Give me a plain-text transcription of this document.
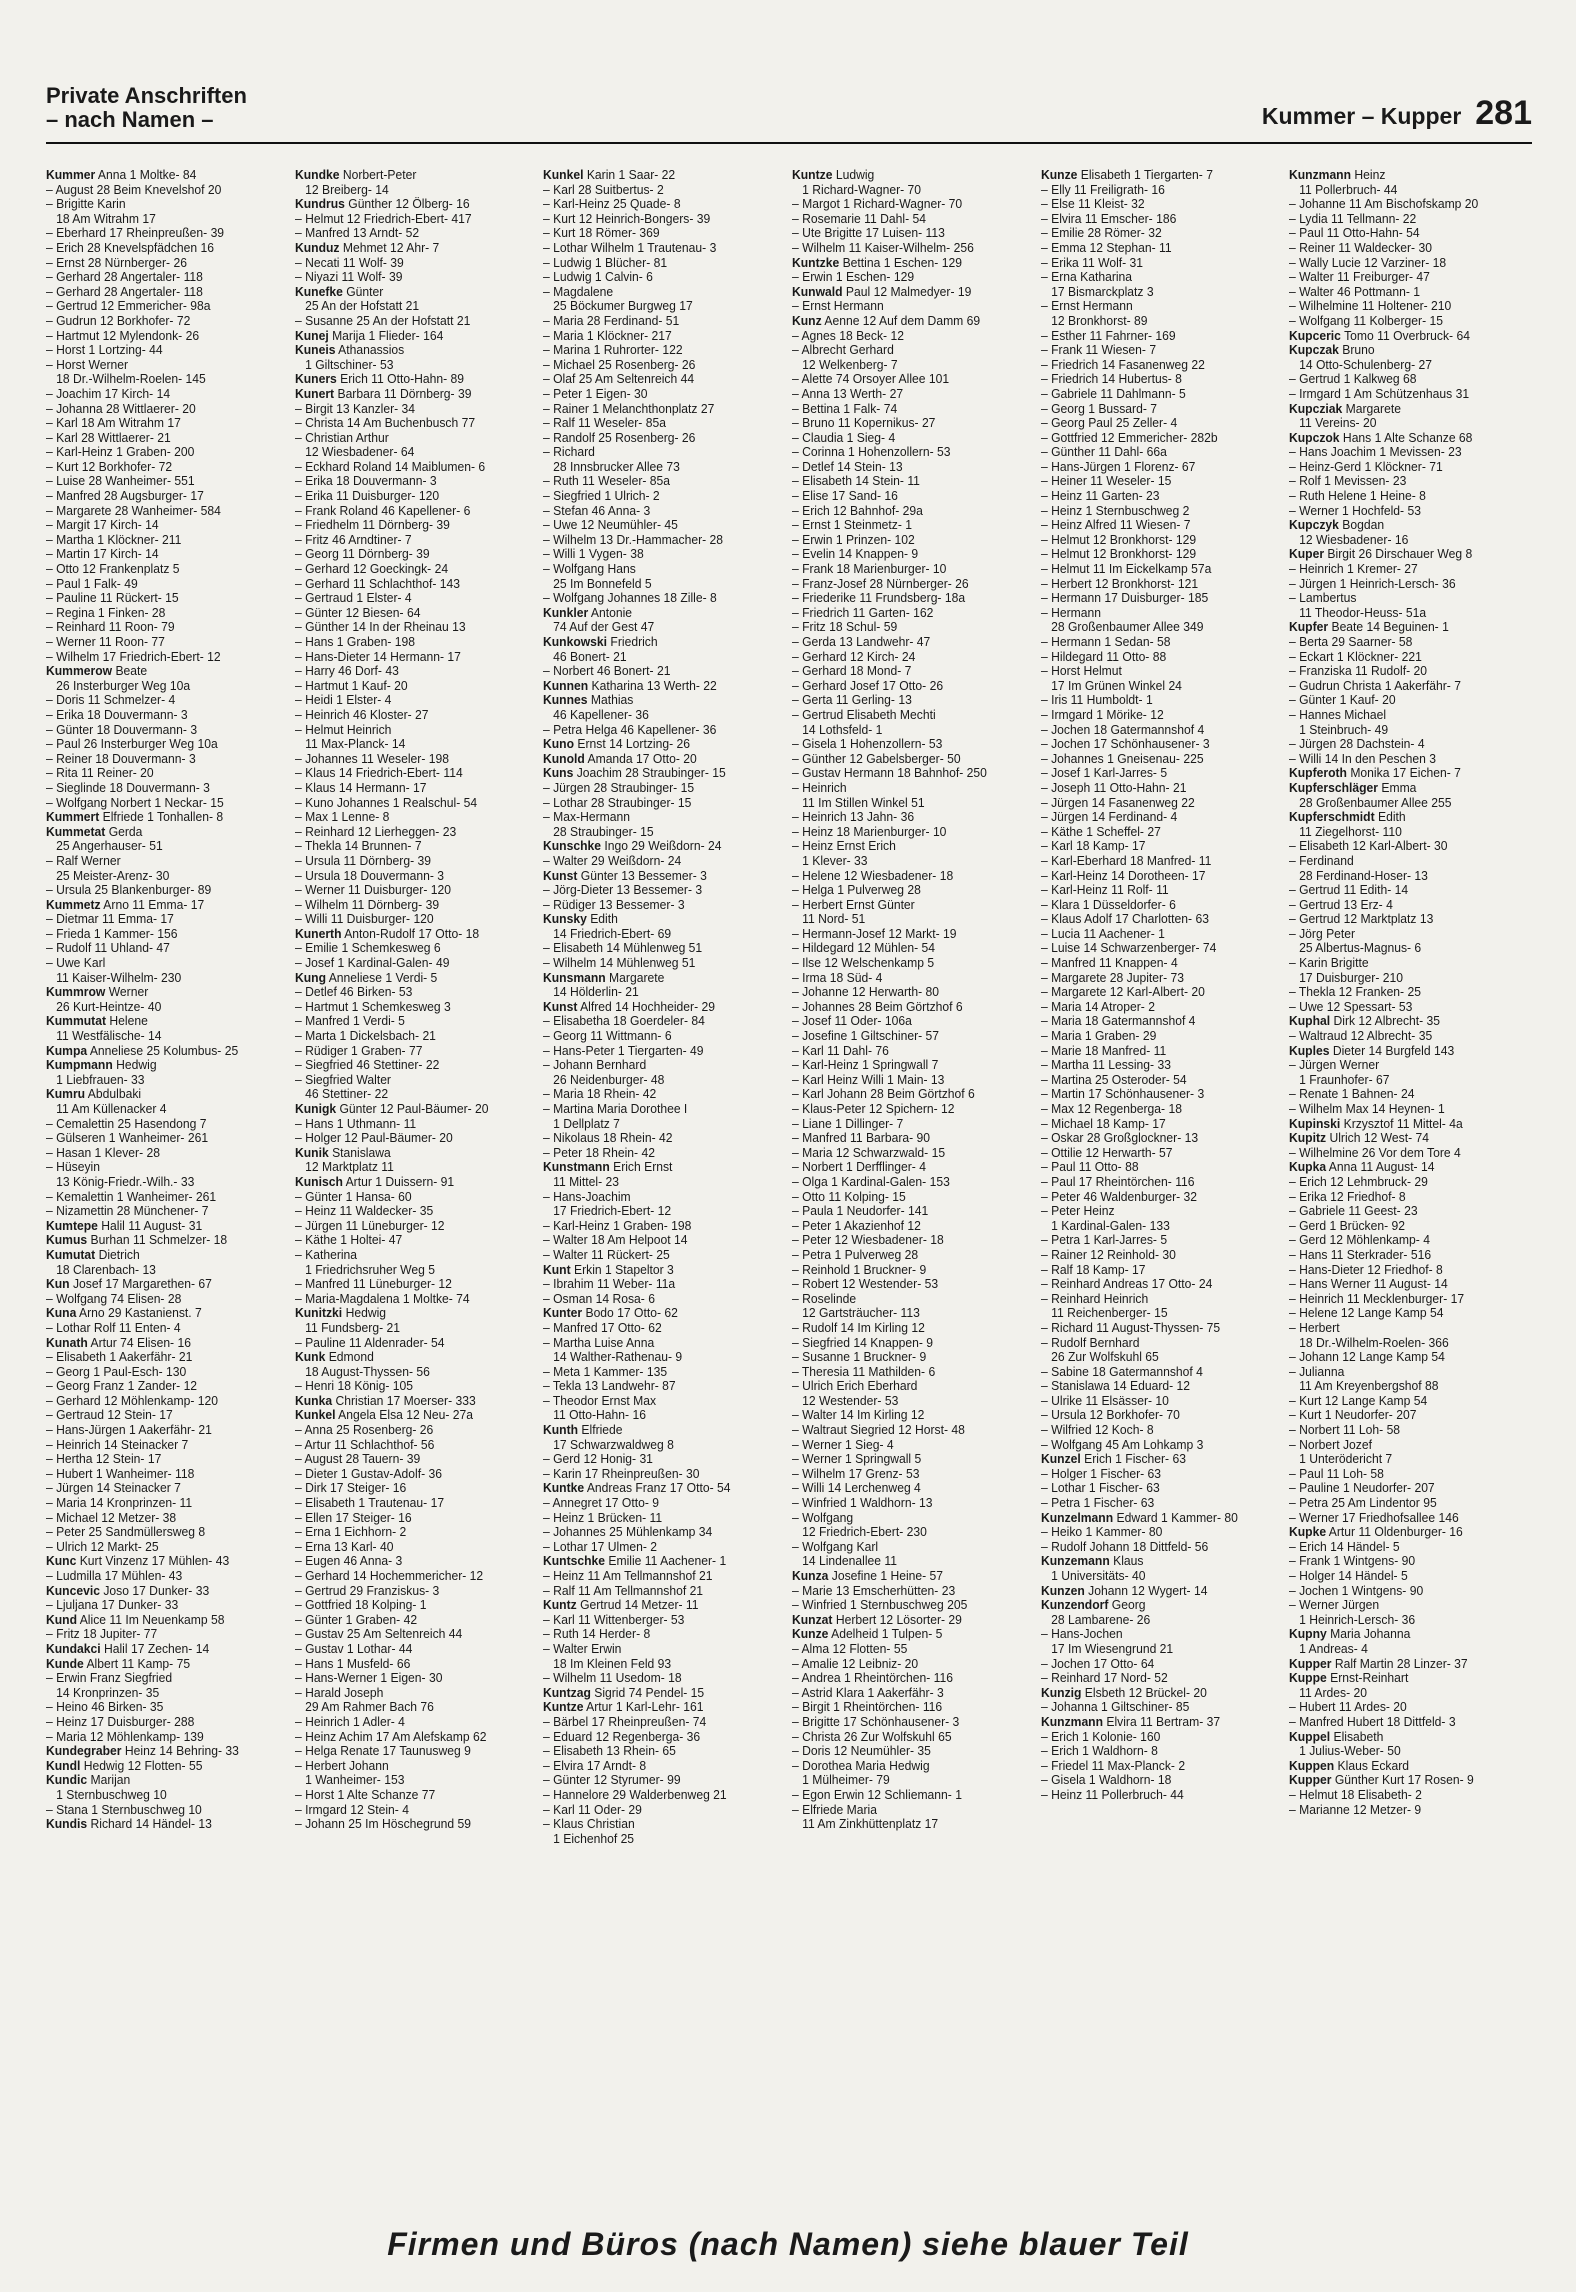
Private Anschriften
– nach Namen –	Kummer – Kupper 281
Kummer Anna 1 Moltke- 84
– August 28 Beim Knevelshof 20
– Brigitte Karin
18 Am Witrahm 17
– Eberhard 17 Rheinpreußen- 39
– Erich 28 Knevelspfädchen 16
– Ernst 28 Nürnberger- 26
– Gerhard 28 Angertaler- 118
– Gerhard 28 Angertaler- 118
– Gertrud 12 Emmericher- 98a
– Gudrun 12 Borkhofer- 72
– Hartmut 12 Mylendonk- 26
– Horst 1 Lortzing- 44
– Horst Werner
18 Dr.-Wilhelm-Roelen- 145
– Joachim 17 Kirch- 14
– Johanna 28 Wittlaerer- 20
– Karl 18 Am Witrahm 17
– Karl 28 Wittlaerer- 21
– Karl-Heinz 1 Graben- 200
– Kurt 12 Borkhofer- 72
– Luise 28 Wanheimer- 551
– Manfred 28 Augsburger- 17
– Margarete 28 Wanheimer- 584
– Margit 17 Kirch- 14
– Martha 1 Klöckner- 211
– Martin 17 Kirch- 14
– Otto 12 Frankenplatz 5
– Paul 1 Falk- 49
– Pauline 11 Rückert- 15
– Regina 1 Finken- 28
– Reinhard 11 Roon- 79
– Werner 11 Roon- 77
– Wilhelm 17 Friedrich-Ebert- 12
Kummerow Beate
26 Insterburger Weg 10a
– Doris 11 Schmelzer- 4
– Erika 18 Douvermann- 3
– Günter 18 Douvermann- 3
– Paul 26 Insterburger Weg 10a
– Reiner 18 Douvermann- 3
– Rita 11 Reiner- 20
– Sieglinde 18 Douvermann- 3
– Wolfgang Norbert 1 Neckar- 15
Kummert Elfriede 1 Tonhallen- 8
Kummetat Gerda
25 Angerhauser- 51
– Ralf Werner
25 Meister-Arenz- 30
– Ursula 25 Blankenburger- 89
Kummetz Arno 11 Emma- 17
– Dietmar 11 Emma- 17
– Frieda 1 Kammer- 156
– Rudolf 11 Uhland- 47
– Uwe Karl
11 Kaiser-Wilhelm- 230
Kummrow Werner
26 Kurt-Heintze- 40
Kummutat Helene
11 Westfälische- 14
Kumpa Anneliese 25 Kolumbus- 25
Kumpmann Hedwig
1 Liebfrauen- 33
Kumru Abdulbaki
11 Am Küllenacker 4
– Cemalettin 25 Hasendong 7
– Gülseren 1 Wanheimer- 261
– Hasan 1 Klever- 28
– Hüseyin
13 König-Friedr.-Wilh.- 33
– Kemalettin 1 Wanheimer- 261
– Nizamettin 28 Münchener- 7
Kumtepe Halil 11 August- 31
Kumus Burhan 11 Schmelzer- 18
Kumutat Dietrich
18 Clarenbach- 13
Kun Josef 17 Margarethen- 67
– Wolfgang 74 Elisen- 28
Kuna Arno 29 Kastanienst. 7
– Lothar Rolf 11 Enten- 4
Kunath Artur 74 Elisen- 16
– Elisabeth 1 Aakerfähr- 21
– Georg 1 Paul-Esch- 130
– Georg Franz 1 Zander- 12
– Gerhard 12 Möhlenkamp- 120
– Gertraud 12 Stein- 17
– Hans-Jürgen 1 Aakerfähr- 21
– Heinrich 14 Steinacker 7
– Hertha 12 Stein- 17
– Hubert 1 Wanheimer- 118
– Jürgen 14 Steinacker 7
– Maria 14 Kronprinzen- 11
– Michael 12 Metzer- 38
– Peter 25 Sandmüllersweg 8
– Ulrich 12 Markt- 25
Kunc Kurt Vinzenz 17 Mühlen- 43
– Ludmilla 17 Mühlen- 43
Kuncevic Joso 17 Dunker- 33
– Ljuljana 17 Dunker- 33
Kund Alice 11 Im Neuenkamp 58
– Fritz 18 Jupiter- 77
Kundakci Halil 17 Zechen- 14
Kunde Albert 11 Kamp- 75
– Erwin Franz Siegfried
14 Kronprinzen- 35
– Heino 46 Birken- 35
– Heinz 17 Duisburger- 288
– Maria 12 Möhlenkamp- 139
Kundegraber Heinz 14 Behring- 33
Kundl Hedwig 12 Flotten- 55
Kundic Marijan
1 Sternbuschweg 10
– Stana 1 Sternbuschweg 10
Kundis Richard 14 Händel- 13
Kundke Norbert-Peter
12 Breiberg- 14
Kundrus Günther 12 Ölberg- 16
– Helmut 12 Friedrich-Ebert- 417
– Manfred 13 Arndt- 52
Kunduz Mehmet 12 Ahr- 7
– Necati 11 Wolf- 39
– Niyazi 11 Wolf- 39
Kunefke Günter
25 An der Hofstatt 21
– Susanne 25 An der Hofstatt 21
Kunej Marija 1 Flieder- 164
Kuneis Athanassios
1 Giltschiner- 53
Kuners Erich 11 Otto-Hahn- 89
Kunert Barbara 11 Dörnberg- 39
– Birgit 13 Kanzler- 34
– Christa 14 Am Buchenbusch 77
– Christian Arthur
12 Wiesbadener- 64
– Eckhard Roland 14 Maiblumen- 6
– Erika 18 Douvermann- 3
– Erika 11 Duisburger- 120
– Frank Roland 46 Kapellener- 6
– Friedhelm 11 Dörnberg- 39
– Fritz 46 Arndtiner- 7
– Georg 11 Dörnberg- 39
– Gerhard 12 Goeckingk- 24
– Gerhard 11 Schlachthof- 143
– Gertraud 1 Elster- 4
– Günter 12 Biesen- 64
– Günther 14 In der Rheinau 13
– Hans 1 Graben- 198
– Hans-Dieter 14 Hermann- 17
– Harry 46 Dorf- 43
– Hartmut 1 Kauf- 20
– Heidi 1 Elster- 4
– Heinrich 46 Kloster- 27
– Helmut Heinrich
11 Max-Planck- 14
– Johannes 11 Weseler- 198
– Klaus 14 Friedrich-Ebert- 114
– Klaus 14 Hermann- 17
– Kuno Johannes 1 Realschul- 54
– Max 1 Lenne- 8
– Reinhard 12 Lierheggen- 23
– Thekla 14 Brunnen- 7
– Ursula 11 Dörnberg- 39
– Ursula 18 Douvermann- 3
– Werner 11 Duisburger- 120
– Wilhelm 11 Dörnberg- 39
– Willi 11 Duisburger- 120
Kunerth Anton-Rudolf 17 Otto- 18
– Emilie 1 Schemkesweg 6
– Josef 1 Kardinal-Galen- 49
Kung Anneliese 1 Verdi- 5
– Detlef 46 Birken- 53
– Hartmut 1 Schemkesweg 3
– Manfred 1 Verdi- 5
– Marta 1 Dickelsbach- 21
– Rüdiger 1 Graben- 77
– Siegfried 46 Stettiner- 22
– Siegfried Walter
46 Stettiner- 22
Kunigk Günter 12 Paul-Bäumer- 20
– Hans 1 Uthmann- 11
– Holger 12 Paul-Bäumer- 20
Kunik Stanislawa
12 Marktplatz 11
Kunisch Artur 1 Duissern- 91
– Günter 1 Hansa- 60
– Heinz 11 Waldecker- 35
– Jürgen 11 Lüneburger- 12
– Käthe 1 Holtei- 47
– Katherina
1 Friedrichsruher Weg 5
– Manfred 11 Lüneburger- 12
– Maria-Magdalena 1 Moltke- 74
Kunitzki Hedwig
11 Fundsberg- 21
– Pauline 11 Aldenrader- 54
Kunk Edmond
18 August-Thyssen- 56
– Henri 18 König- 105
Kunka Christian 17 Moerser- 333
Kunkel Angela Elsa 12 Neu- 27a
– Anna 25 Rosenberg- 26
– Artur 11 Schlachthof- 56
– August 28 Tauern- 39
– Dieter 1 Gustav-Adolf- 36
– Dirk 17 Steiger- 16
– Elisabeth 1 Trautenau- 17
– Ellen 17 Steiger- 16
– Erna 1 Eichhorn- 2
– Erna 13 Karl- 40
– Eugen 46 Anna- 3
– Gerhard 14 Hochemmericher- 12
– Gertrud 29 Franziskus- 3
– Gottfried 18 Kolping- 1
– Günter 1 Graben- 42
– Gustav 25 Am Seltenreich 44
– Gustav 1 Lothar- 44
– Hans 1 Musfeld- 66
– Hans-Werner 1 Eigen- 30
– Harald Joseph
29 Am Rahmer Bach 76
– Heinrich 1 Adler- 4
– Heinz Achim 17 Am Alefskamp 62
– Helga Renate 17 Taunusweg 9
– Herbert Johann
1 Wanheimer- 153
– Horst 1 Alte Schanze 77
– Irmgard 12 Stein- 4
– Johann 25 Im Höschegrund 59
Kunkel Karin 1 Saar- 22
– Karl 28 Suitbertus- 2
– Karl-Heinz 25 Quade- 8
– Kurt 12 Heinrich-Bongers- 39
– Kurt 18 Römer- 369
– Lothar Wilhelm 1 Trautenau- 3
– Ludwig 1 Blücher- 81
– Ludwig 1 Calvin- 6
– Magdalene
25 Böckumer Burgweg 17
– Maria 28 Ferdinand- 51
– Maria 1 Klöckner- 217
– Marina 1 Ruhrorter- 122
– Michael 25 Rosenberg- 26
– Olaf 25 Am Seltenreich 44
– Peter 1 Eigen- 30
– Rainer 1 Melanchthonplatz 27
– Ralf 11 Weseler- 85a
– Randolf 25 Rosenberg- 26
– Richard
28 Innsbrucker Allee 73
– Ruth 11 Weseler- 85a
– Siegfried 1 Ulrich- 2
– Stefan 46 Anna- 3
– Uwe 12 Neumühler- 45
– Wilhelm 13 Dr.-Hammacher- 28
– Willi 1 Vygen- 38
– Wolfgang Hans
25 Im Bonnefeld 5
– Wolfgang Johannes 18 Zille- 8
Kunkler Antonie
74 Auf der Gest 47
Kunkowski Friedrich
46 Bonert- 21
– Norbert 46 Bonert- 21
Kunnen Katharina 13 Werth- 22
Kunnes Mathias
46 Kapellener- 36
– Petra Helga 46 Kapellener- 36
Kuno Ernst 14 Lortzing- 26
Kunold Amanda 17 Otto- 20
Kuns Joachim 28 Straubinger- 15
– Jürgen 28 Straubinger- 15
– Lothar 28 Straubinger- 15
– Max-Hermann
28 Straubinger- 15
Kunschke Ingo 29 Weißdorn- 24
– Walter 29 Weißdorn- 24
Kunst Günter 13 Bessemer- 3
– Jörg-Dieter 13 Bessemer- 3
– Rüdiger 13 Bessemer- 3
Kunsky Edith
14 Friedrich-Ebert- 69
– Elisabeth 14 Mühlenweg 51
– Wilhelm 14 Mühlenweg 51
Kunsmann Margarete
14 Hölderlin- 21
Kunst Alfred 14 Hochheider- 29
– Elisabetha 18 Goerdeler- 84
– Georg 11 Wittmann- 6
– Hans-Peter 1 Tiergarten- 49
– Johann Bernhard
26 Neidenburger- 48
– Maria 18 Rhein- 42
– Martina Maria Dorothee I
1 Dellplatz 7
– Nikolaus 18 Rhein- 42
– Peter 18 Rhein- 42
Kunstmann Erich Ernst
11 Mittel- 23
– Hans-Joachim
17 Friedrich-Ebert- 12
– Karl-Heinz 1 Graben- 198
– Walter 18 Am Helpoot 14
– Walter 11 Rückert- 25
Kunt Erkin 1 Stapeltor 3
– Ibrahim 11 Weber- 11a
– Osman 14 Rosa- 6
Kunter Bodo 17 Otto- 62
– Manfred 17 Otto- 62
– Martha Luise Anna
14 Walther-Rathenau- 9
– Meta 1 Kammer- 135
– Tekla 13 Landwehr- 87
– Theodor Ernst Max
11 Otto-Hahn- 16
Kunth Elfriede
17 Schwarzwaldweg 8
– Gerd 12 Honig- 31
– Karin 17 Rheinpreußen- 30
Kuntke Andreas Franz 17 Otto- 54
– Annegret 17 Otto- 9
– Heinz 1 Brücken- 11
– Johannes 25 Mühlenkamp 34
– Lothar 17 Ulmen- 2
Kuntschke Emilie 11 Aachener- 1
– Heinz 11 Am Tellmannshof 21
– Ralf 11 Am Tellmannshof 21
Kuntz Gertrud 14 Metzer- 11
– Karl 11 Wittenberger- 53
– Ruth 14 Herder- 8
– Walter Erwin
18 Im Kleinen Feld 93
– Wilhelm 11 Usedom- 18
Kuntzag Sigrid 74 Pendel- 15
Kuntze Artur 1 Karl-Lehr- 161
– Bärbel 17 Rheinpreußen- 74
– Eduard 12 Regenberga- 36
– Elisabeth 13 Rhein- 65
– Elvira 17 Arndt- 8
– Günter 12 Styrumer- 99
– Hannelore 29 Walderbenweg 21
– Karl 11 Oder- 29
– Klaus Christian
1 Eichenhof 25
Kuntze Ludwig
1 Richard-Wagner- 70
– Margot 1 Richard-Wagner- 70
– Rosemarie 11 Dahl- 54
– Ute Brigitte 17 Luisen- 113
– Wilhelm 11 Kaiser-Wilhelm- 256
Kuntzke Bettina 1 Eschen- 129
– Erwin 1 Eschen- 129
Kunwald Paul 12 Malmedyer- 19
– Ernst Hermann
Kunz Aenne 12 Auf dem Damm 69
– Agnes 18 Beck- 12
– Albrecht Gerhard
12 Welkenberg- 7
– Alette 74 Orsoyer Allee 101
– Anna 13 Werth- 27
– Bettina 1 Falk- 74
– Bruno 11 Kopernikus- 27
– Claudia 1 Sieg- 4
– Corinna 1 Hohenzollern- 53
– Detlef 14 Stein- 13
– Elisabeth 14 Stein- 11
– Elise 17 Sand- 16
– Erich 12 Bahnhof- 29a
– Ernst 1 Steinmetz- 1
– Erwin 1 Prinzen- 102
– Evelin 14 Knappen- 9
– Frank 18 Marienburger- 10
– Franz-Josef 28 Nürnberger- 26
– Friederike 11 Frundsberg- 18a
– Friedrich 11 Garten- 162
– Fritz 18 Schul- 59
– Gerda 13 Landwehr- 47
– Gerhard 12 Kirch- 24
– Gerhard 18 Mond- 7
– Gerhard Josef 17 Otto- 26
– Gerta 11 Gerling- 13
– Gertrud Elisabeth Mechti
14 Lothsfeld- 1
– Gisela 1 Hohenzollern- 53
– Günther 12 Gabelsberger- 50
– Gustav Hermann 18 Bahnhof- 250
– Heinrich
11 Im Stillen Winkel 51
– Heinrich 13 Jahn- 36
– Heinz 18 Marienburger- 10
– Heinz Ernst Erich
1 Klever- 33
– Helene 12 Wiesbadener- 18
– Helga 1 Pulverweg 28
– Herbert Ernst Günter
11 Nord- 51
– Hermann-Josef 12 Markt- 19
– Hildegard 12 Mühlen- 54
– Ilse 12 Welschenkamp 5
– Irma 18 Süd- 4
– Johanne 12 Herwarth- 80
– Johannes 28 Beim Görtzhof 6
– Josef 11 Oder- 106a
– Josefine 1 Giltschiner- 57
– Karl 11 Dahl- 76
– Karl-Heinz 1 Springwall 7
– Karl Heinz Willi 1 Main- 13
– Karl Johann 28 Beim Görtzhof 6
– Klaus-Peter 12 Spichern- 12
– Liane 1 Dillinger- 7
– Manfred 11 Barbara- 90
– Maria 12 Schwarzwald- 15
– Norbert 1 Derfflinger- 4
– Olga 1 Kardinal-Galen- 153
– Otto 11 Kolping- 15
– Paula 1 Neudorfer- 141
– Peter 1 Akazienhof 12
– Peter 12 Wiesbadener- 18
– Petra 1 Pulverweg 28
– Reinhold 1 Bruckner- 9
– Robert 12 Westender- 53
– Roselinde
12 Gartsträucher- 113
– Rudolf 14 Im Kirling 12
– Siegfried 14 Knappen- 9
– Susanne 1 Bruckner- 9
– Theresia 11 Mathilden- 6
– Ulrich Erich Eberhard
12 Westender- 53
– Walter 14 Im Kirling 12
– Waltraut Siegried 12 Horst- 48
– Werner 1 Sieg- 4
– Werner 1 Springwall 5
– Wilhelm 17 Grenz- 53
– Willi 14 Lerchenweg 4
– Winfried 1 Waldhorn- 13
– Wolfgang
12 Friedrich-Ebert- 230
– Wolfgang Karl
14 Lindenallee 11
Kunza Josefine 1 Heine- 57
– Marie 13 Emscherhütten- 23
– Winfried 1 Sternbuschweg 205
Kunzat Herbert 12 Lösorter- 29
Kunze Adelheid 1 Tulpen- 5
– Alma 12 Flotten- 55
– Amalie 12 Leibniz- 20
– Andrea 1 Rheintörchen- 116
– Astrid Klara 1 Aakerfähr- 3
– Birgit 1 Rheintörchen- 116
– Brigitte 17 Schönhausener- 3
– Christa 26 Zur Wolfskuhl 65
– Doris 12 Neumühler- 35
– Dorothea Maria Hedwig
1 Mülheimer- 79
– Egon Erwin 12 Schliemann- 1
– Elfriede Maria
11 Am Zinkhüttenplatz 17
Kunze Elisabeth 1 Tiergarten- 7
– Elly 11 Freiligrath- 16
– Else 11 Kleist- 32
– Elvira 11 Emscher- 186
– Emilie 28 Römer- 32
– Emma 12 Stephan- 11
– Erika 11 Wolf- 31
– Erna Katharina
17 Bismarckplatz 3
– Ernst Hermann
12 Bronkhorst- 89
– Esther 11 Fahrner- 169
– Frank 11 Wiesen- 7
– Friedrich 14 Fasanenweg 22
– Friedrich 14 Hubertus- 8
– Gabriele 11 Dahlmann- 5
– Georg 1 Bussard- 7
– Georg Paul 25 Zeller- 4
– Gottfried 12 Emmericher- 282b
– Günther 11 Dahl- 66a
– Hans-Jürgen 1 Florenz- 67
– Heiner 11 Weseler- 15
– Heinz 11 Garten- 23
– Heinz 1 Sternbuschweg 2
– Heinz Alfred 11 Wiesen- 7
– Helmut 12 Bronkhorst- 129
– Helmut 12 Bronkhorst- 129
– Helmut 11 Im Eickelkamp 57a
– Herbert 12 Bronkhorst- 121
– Hermann 17 Duisburger- 185
– Hermann
28 Großenbaumer Allee 349
– Hermann 1 Sedan- 58
– Hildegard 11 Otto- 88
– Horst Helmut
17 Im Grünen Winkel 24
– Iris 11 Humboldt- 1
– Irmgard 1 Mörike- 12
– Jochen 18 Gatermannshof 4
– Jochen 17 Schönhausener- 3
– Johannes 1 Gneisenau- 225
– Josef 1 Karl-Jarres- 5
– Joseph 11 Otto-Hahn- 21
– Jürgen 14 Fasanenweg 22
– Jürgen 14 Ferdinand- 4
– Käthe 1 Scheffel- 27
– Karl 18 Kamp- 17
– Karl-Eberhard 18 Manfred- 11
– Karl-Heinz 14 Dorotheen- 17
– Karl-Heinz 11 Rolf- 11
– Klara 1 Düsseldorfer- 6
– Klaus Adolf 17 Charlotten- 63
– Lucia 11 Aachener- 1
– Luise 14 Schwarzenberger- 74
– Manfred 11 Knappen- 4
– Margarete 28 Jupiter- 73
– Margarete 12 Karl-Albert- 20
– Maria 14 Atroper- 2
– Maria 18 Gatermannshof 4
– Maria 1 Graben- 29
– Marie 18 Manfred- 11
– Martha 11 Lessing- 33
– Martina 25 Osteroder- 54
– Martin 17 Schönhausener- 3
– Max 12 Regenberga- 18
– Michael 18 Kamp- 17
– Oskar 28 Großglockner- 13
– Ottilie 12 Herwarth- 57
– Paul 11 Otto- 88
– Paul 17 Rheintörchen- 116
– Peter 46 Waldenburger- 32
– Peter Heinz
1 Kardinal-Galen- 133
– Petra 1 Karl-Jarres- 5
– Rainer 12 Reinhold- 30
– Ralf 18 Kamp- 17
– Reinhard Andreas 17 Otto- 24
– Reinhard Heinrich
11 Reichenberger- 15
– Richard 11 August-Thyssen- 75
– Rudolf Bernhard
26 Zur Wolfskuhl 65
– Sabine 18 Gatermannshof 4
– Stanislawa 14 Eduard- 12
– Ulrike 11 Elsässer- 10
– Ursula 12 Borkhofer- 70
– Wilfried 12 Koch- 8
– Wolfgang 45 Am Lohkamp 3
Kunzel Erich 1 Fischer- 63
– Holger 1 Fischer- 63
– Lothar 1 Fischer- 63
– Petra 1 Fischer- 63
Kunzelmann Edward 1 Kammer- 80
– Heiko 1 Kammer- 80
– Rudolf Johann 18 Dittfeld- 56
Kunzemann Klaus
1 Universitäts- 40
Kunzen Johann 12 Wygert- 14
Kunzendorf Georg
28 Lambarene- 26
– Hans-Jochen
17 Im Wiesengrund 21
– Jochen 17 Otto- 64
– Reinhard 17 Nord- 52
Kunzig Elsbeth 12 Brückel- 20
– Johanna 1 Giltschiner- 85
Kunzmann Elvira 11 Bertram- 37
– Erich 1 Kolonie- 160
– Erich 1 Waldhorn- 8
– Friedel 11 Max-Planck- 2
– Gisela 1 Waldhorn- 18
– Heinz 11 Pollerbruch- 44
Kunzmann Heinz
11 Pollerbruch- 44
– Johanne 11 Am Bischofskamp 20
– Lydia 11 Tellmann- 22
– Paul 11 Otto-Hahn- 54
– Reiner 11 Waldecker- 30
– Wally Lucie 12 Varziner- 18
– Walter 11 Freiburger- 47
– Walter 46 Pottmann- 1
– Wilhelmine 11 Holtener- 210
– Wolfgang 11 Kolberger- 15
Kupceric Tomo 11 Overbruck- 64
Kupczak Bruno
14 Otto-Schulenberg- 27
– Gertrud 1 Kalkweg 68
– Irmgard 1 Am Schützenhaus 31
Kupcziak Margarete
11 Vereins- 20
Kupczok Hans 1 Alte Schanze 68
– Hans Joachim 1 Mevissen- 23
– Heinz-Gerd 1 Klöckner- 71
– Rolf 1 Mevissen- 23
– Ruth Helene 1 Heine- 8
– Werner 1 Hochfeld- 53
Kupczyk Bogdan
12 Wiesbadener- 16
Kuper Birgit 26 Dirschauer Weg 8
– Heinrich 1 Kremer- 27
– Jürgen 1 Heinrich-Lersch- 36
– Lambertus
11 Theodor-Heuss- 51a
Kupfer Beate 14 Beguinen- 1
– Berta 29 Saarner- 58
– Eckart 1 Klöckner- 221
– Franziska 11 Rudolf- 20
– Gudrun Christa 1 Aakerfähr- 7
– Günter 1 Kauf- 20
– Hannes Michael
1 Steinbruch- 49
– Jürgen 28 Dachstein- 4
– Willi 14 In den Peschen 3
Kupferoth Monika 17 Eichen- 7
Kupferschläger Emma
28 Großenbaumer Allee 255
Kupferschmidt Edith
11 Ziegelhorst- 110
– Elisabeth 12 Karl-Albert- 30
– Ferdinand
28 Ferdinand-Hoser- 13
– Gertrud 11 Edith- 14
– Gertrud 13 Erz- 4
– Gertrud 12 Marktplatz 13
– Jörg Peter
25 Albertus-Magnus- 6
– Karin Brigitte
17 Duisburger- 210
– Thekla 12 Franken- 25
– Uwe 12 Spessart- 53
Kuphal Dirk 12 Albrecht- 35
– Waltraud 12 Albrecht- 35
Kuples Dieter 14 Burgfeld 143
– Jürgen Werner
1 Fraunhofer- 67
– Renate 1 Bahnen- 24
– Wilhelm Max 14 Heynen- 1
Kupinski Krzysztof 11 Mittel- 4a
Kupitz Ulrich 12 West- 74
– Wilhelmine 26 Vor dem Tore 4
Kupka Anna 11 August- 14
– Erich 12 Lehmbruck- 29
– Erika 12 Friedhof- 8
– Gabriele 11 Geest- 23
– Gerd 1 Brücken- 92
– Gerd 12 Möhlenkamp- 4
– Hans 11 Sterkrader- 516
– Hans-Dieter 12 Friedhof- 8
– Hans Werner 11 August- 14
– Heinrich 11 Mecklenburger- 17
– Helene 12 Lange Kamp 54
– Herbert
18 Dr.-Wilhelm-Roelen- 366
– Johann 12 Lange Kamp 54
– Julianna
11 Am Kreyenbergshof 88
– Kurt 12 Lange Kamp 54
– Kurt 1 Neudorfer- 207
– Norbert 11 Loh- 58
– Norbert Jozef
1 Unterödericht 7
– Paul 11 Loh- 58
– Pauline 1 Neudorfer- 207
– Petra 25 Am Lindentor 95
– Werner 17 Friedhofsallee 146
Kupke Artur 11 Oldenburger- 16
– Erich 14 Händel- 5
– Frank 1 Wintgens- 90
– Holger 14 Händel- 5
– Jochen 1 Wintgens- 90
– Werner Jürgen
1 Heinrich-Lersch- 36
Kupny Maria Johanna
1 Andreas- 4
Kupper Ralf Martin 28 Linzer- 37
Kuppe Ernst-Reinhart
11 Ardes- 20
– Hubert 11 Ardes- 20
– Manfred Hubert 18 Dittfeld- 3
Kuppel Elisabeth
1 Julius-Weber- 50
Kuppen Klaus Eckard
Kupper Günther Kurt 17 Rosen- 9
– Helmut 18 Elisabeth- 2
– Marianne 12 Metzer- 9
Firmen und Büros (nach Namen) siehe blauer Teil
